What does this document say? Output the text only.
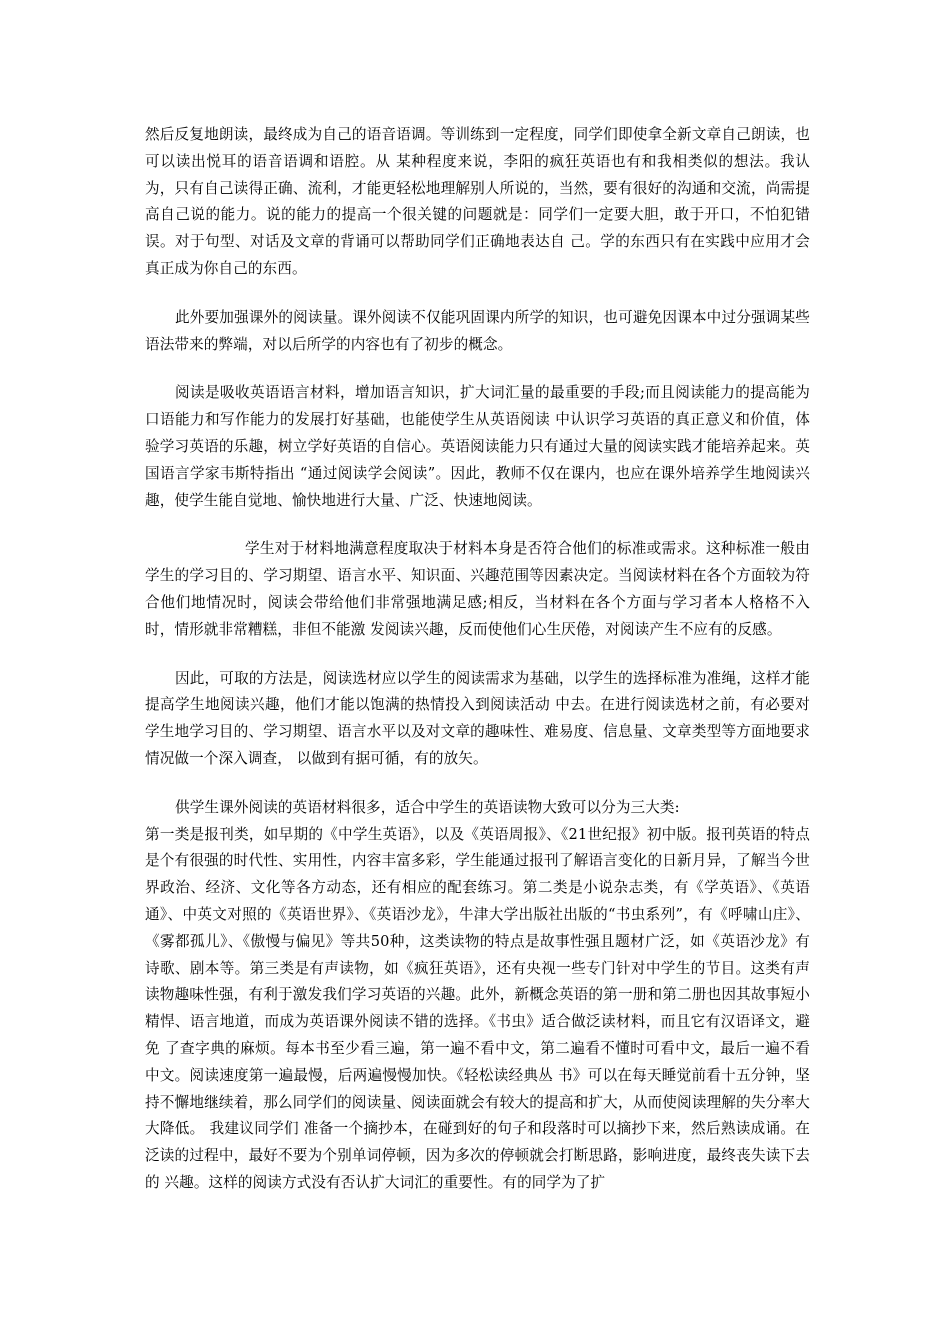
然后反复地朗读，最终成为自己的语音语调。等训练到一定程度，同学们即使拿全新文章自己朗读，也可以读出悦耳的语音语调和语腔。从 某种程度来说，李阳的疯狂英语也有和我相类似的想法。我认为，只有自己读得正确、流利，才能更轻松地理解别人所说的，当然，要有很好的沟通和交流，尚需提 高自己说的能力。说的能力的提高一个很关键的问题就是：同学们一定要大胆，敢于开口，不怕犯错误。对于句型、对话及文章的背诵可以帮助同学们正确地表达自 己。学的东西只有在实践中应用才会真正成为你自己的东西。

此外要加强课外的阅读量。课外阅读不仅能巩固课内所学的知识，也可避免因课本中过分强调某些语法带来的弊端，对以后所学的内容也有了初步的概念。

阅读是吸收英语语言材料，增加语言知识，扩大词汇量的最重要的手段;而且阅读能力的提高能为口语能力和写作能力的发展打好基础，也能使学生从英语阅读 中认识学习英语的真正意义和价值，体验学习英语的乐趣，树立学好英语的自信心。英语阅读能力只有通过大量的阅读实践才能培养起来。英国语言学家韦斯特指出 “通过阅读学会阅读”。因此，教师不仅在课内，也应在课外培养学生地阅读兴趣，使学生能自觉地、愉快地进行大量、广泛、快速地阅读。

学生对于材料地满意程度取决于材料本身是否符合他们的标准或需求。这种标准一般由学生的学习目的、学习期望、语言水平、知识面、兴趣范围等因素决定。当阅读材料在各个方面较为符合他们地情况时，阅读会带给他们非常强地满足感;相反，当材料在各个方面与学习者本人格格不入时，情形就非常糟糕，非但不能激 发阅读兴趣，反而使他们心生厌倦，对阅读产生不应有的反感。

因此，可取的方法是，阅读选材应以学生的阅读需求为基础，以学生的选择标准为准绳，这样才能提高学生地阅读兴趣，他们才能以饱满的热情投入到阅读活动 中去。在进行阅读选材之前，有必要对学生地学习目的、学习期望、语言水平以及对文章的趣味性、难易度、信息量、文章类型等方面地要求情况做一个深入调查， 以做到有据可循，有的放矢。

供学生课外阅读的英语材料很多，适合中学生的英语读物大致可以分为三大类:

第一类是报刊类，如早期的《中学生英语》，以及《英语周报》、《21世纪报》初中版。报刊英语的特点是个有很强的时代性、实用性，内容丰富多彩，学生能通过报刊了解语言变化的日新月异，了解当今世界政治、经济、文化等各方动态，还有相应的配套练习。第二类是小说杂志类，有《学英语》、《英语通》、中英文对照的《英语世界》、《英语沙龙》，牛津大学出版社出版的“书虫系列”，有《呼啸山庄》、《雾都孤儿》、《傲慢与偏见》等共50种，这类读物的特点是故事性强且题材广泛，如《英语沙龙》有诗歌、剧本等。第三类是有声读物，如《疯狂英语》，还有央视一些专门针对中学生的节目。这类有声读物趣味性强，有利于激发我们学习英语的兴趣。此外，新概念英语的第一册和第二册也因其故事短小精悍、语言地道，而成为英语课外阅读不错的选择。《书虫》适合做泛读材料，而且它有汉语译文，避免 了查字典的麻烦。每本书至少看三遍，第一遍不看中文，第二遍看不懂时可看中文，最后一遍不看中文。阅读速度第一遍最慢，后两遍慢慢加快。《轻松读经典丛 书》可以在每天睡觉前看十五分钟，坚持不懈地继续着，那么同学们的阅读量、阅读面就会有较大的提高和扩大，从而使阅读理解的失分率大大降低。 我建议同学们 准备一个摘抄本，在碰到好的句子和段落时可以摘抄下来，然后熟读成诵。在泛读的过程中，最好不要为个别单词停顿，因为多次的停顿就会打断思路，影响进度，最终丧失读下去的 兴趣。这样的阅读方式没有否认扩大词汇的重要性。有的同学为了扩
